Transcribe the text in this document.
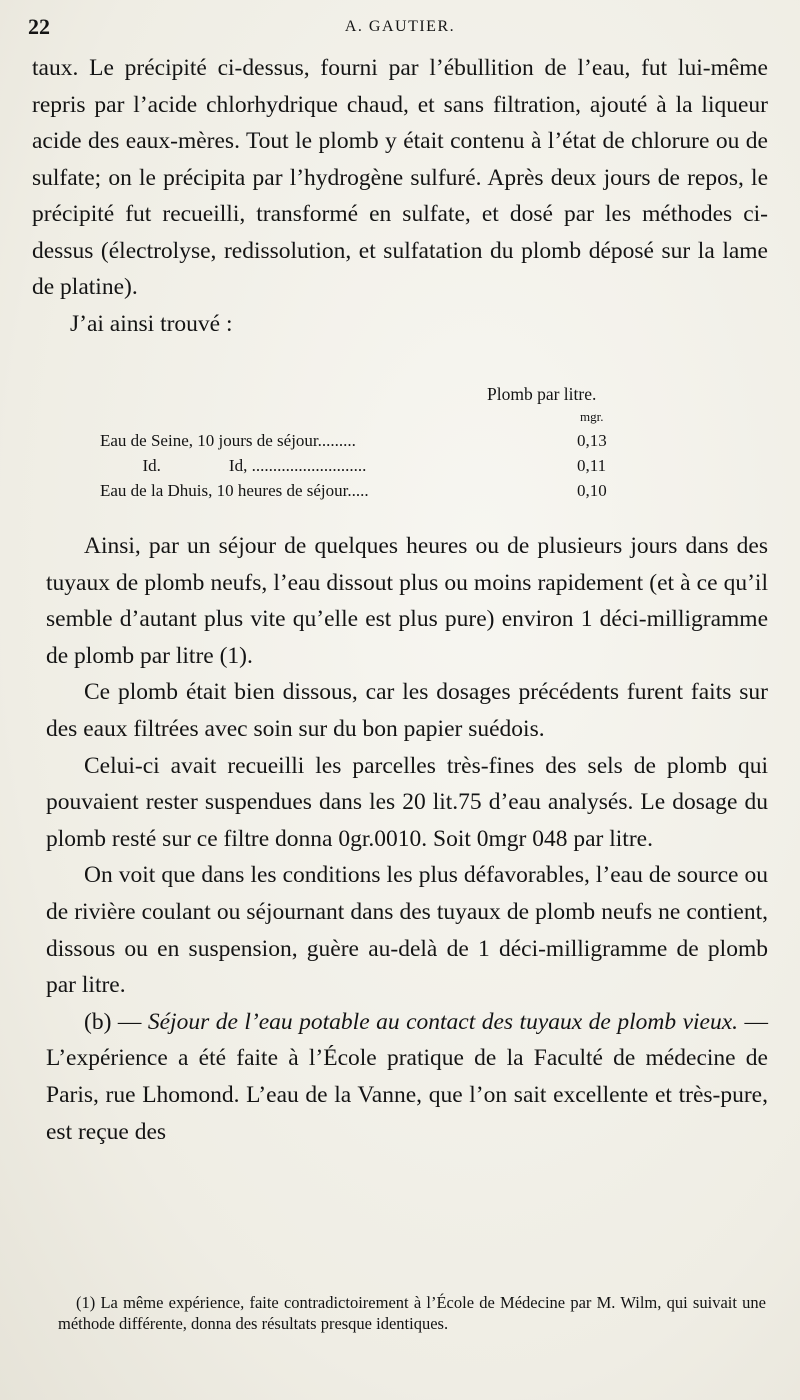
22	A. GAUTIER.

taux. Le précipité ci-dessus, fourni par l’ébullition de l’eau, fut lui-même repris par l’acide chlorhydrique chaud, et sans filtration, ajouté à la liqueur acide des eaux-mères. Tout le plomb y était contenu à l’état de chlorure ou de sulfate; on le précipita par l’hydrogène sulfuré. Après deux jours de repos, le précipité fut recueilli, transformé en sulfate, et dosé par les méthodes ci-dessus (électrolyse, redissolution, et sulfatation du plomb déposé sur la lame de platine).

J’ai ainsi trouvé :

Plomb par litre.
mgr.
Eau de Seine, 10 jours de séjour.........	0,13
Id.                Id, ...........................	0,11
Eau de la Dhuis, 10 heures de séjour.....	0,10

Ainsi, par un séjour de quelques heures ou de plusieurs jours dans des tuyaux de plomb neufs, l’eau dissout plus ou moins rapidement (et à ce qu’il semble d’autant plus vite qu’elle est plus pure) environ 1 déci-milligramme de plomb par litre (1).

Ce plomb était bien dissous, car les dosages précédents furent faits sur des eaux filtrées avec soin sur du bon papier suédois.

Celui-ci avait recueilli les parcelles très-fines des sels de plomb qui pouvaient rester suspendues dans les 20 lit.75 d’eau analysés. Le dosage du plomb resté sur ce filtre donna 0gr.0010. Soit 0mgr 048 par litre.

On voit que dans les conditions les plus défavorables, l’eau de source ou de rivière coulant ou séjournant dans des tuyaux de plomb neufs ne contient, dissous ou en suspension, guère au-delà de 1 déci-milligramme de plomb par litre.

(b) — Séjour de l’eau potable au contact des tuyaux de plomb vieux. — L’expérience a été faite à l’École pratique de la Faculté de médecine de Paris, rue Lhomond. L’eau de la Vanne, que l’on sait excellente et très-pure, est reçue des

(1) La même expérience, faite contradictoirement à l’École de Médecine par M. Wilm, qui suivait une méthode différente, donna des résultats presque identiques.
